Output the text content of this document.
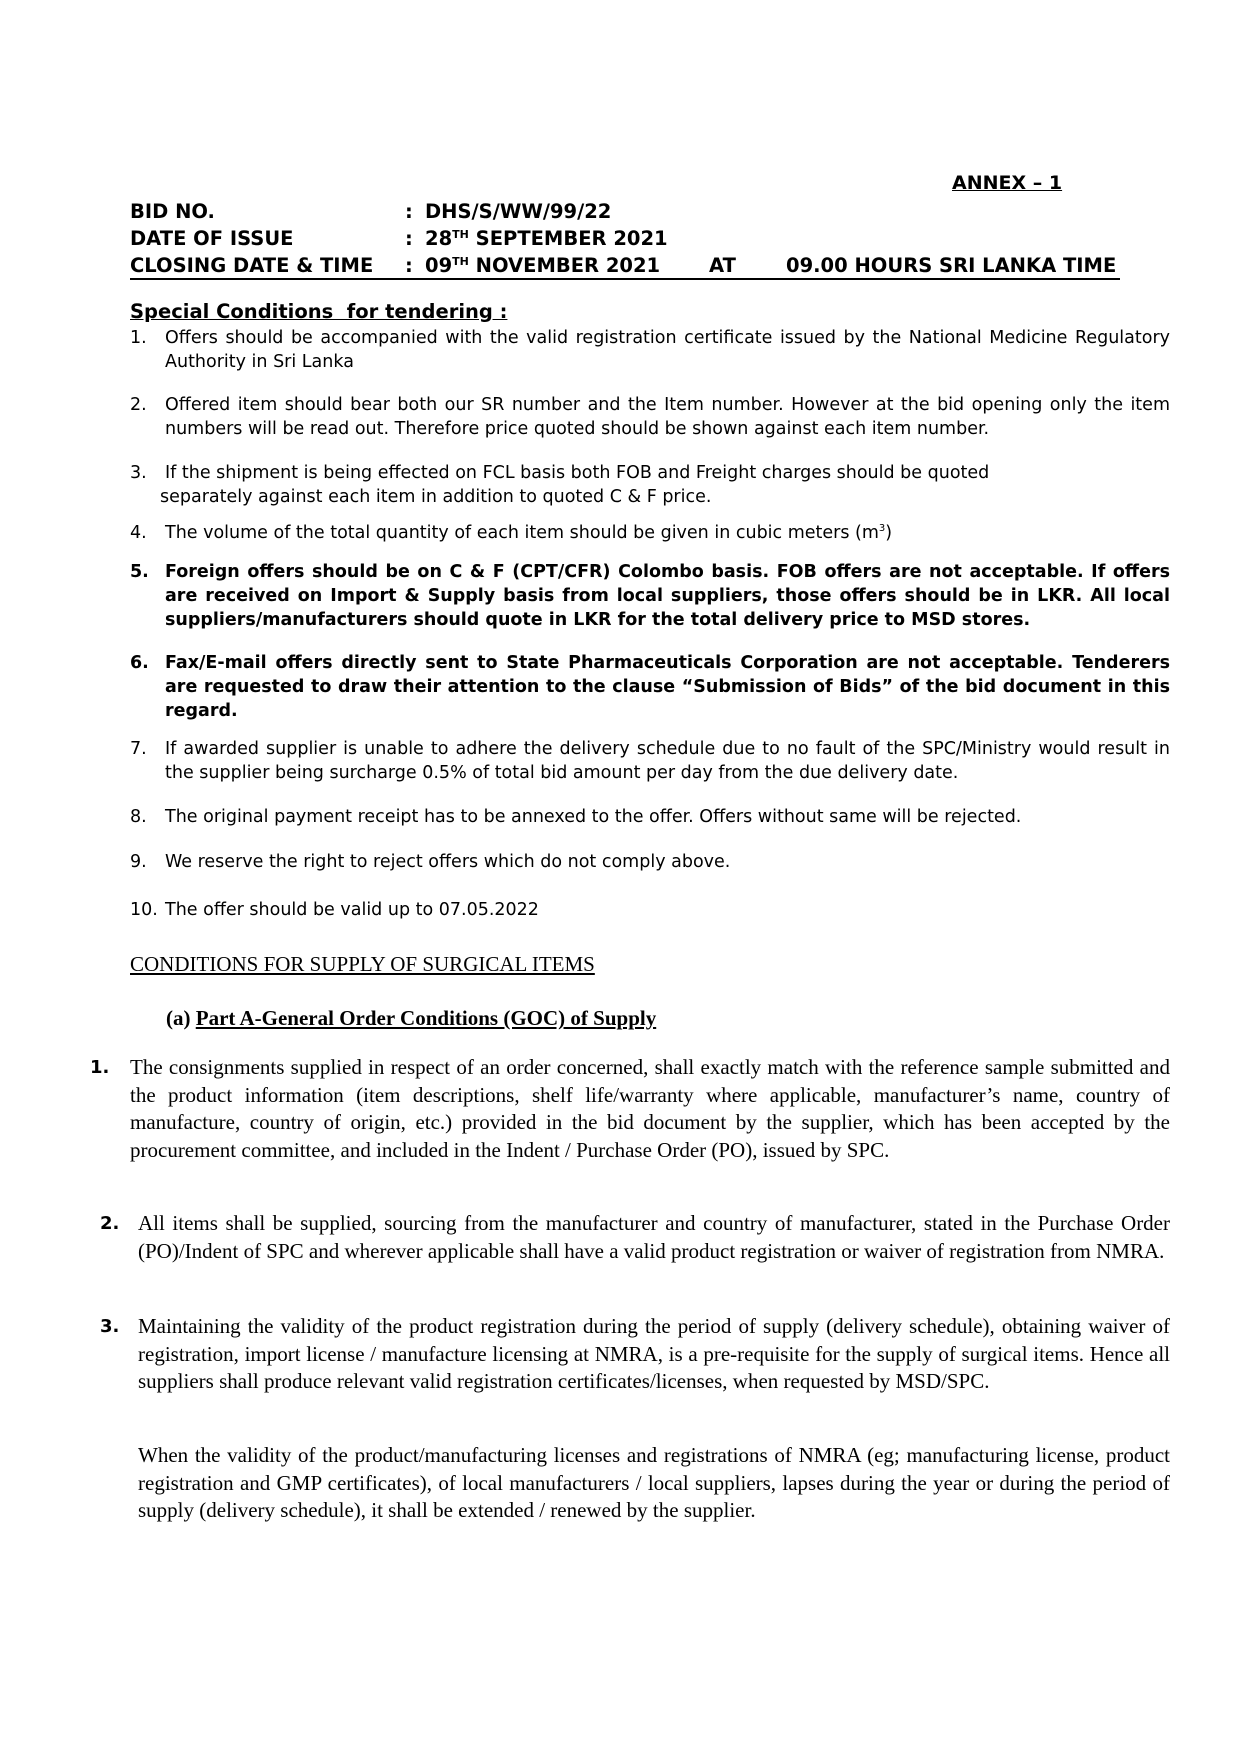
ANNEX – 1
BID NO.	: DHS/S/WW/99/22
DATE OF ISSUE	: 28TH SEPTEMBER 2021
CLOSING DATE & TIME : 09TH NOVEMBER 2021	AT	09.00 HOURS SRI LANKA TIME
Special Conditions  for tendering :
1. Offers should be accompanied with the valid registration certificate issued by the National Medicine Regulatory Authority in Sri Lanka
2. Offered item should bear both our SR number and the Item number. However at the bid opening only the item numbers will be read out. Therefore price quoted should be shown against each item number.
3. If the shipment is being effected on FCL basis both FOB and Freight charges should be quoted
separately against each item in addition to quoted C & F price.
4. The volume of the total quantity of each item should be given in cubic meters $(m^3)$
5. Foreign offers should be on C & F (CPT/CFR) Colombo basis. FOB offers are not acceptable. If offers are received on Import & Supply basis from local suppliers, those offers should be in LKR. All local suppliers/manufacturers should quote in LKR for the total delivery price to MSD stores.
6. Fax/E-mail offers directly sent to State Pharmaceuticals Corporation are not acceptable. Tenderers are requested to draw their attention to the clause “Submission of Bids” of the bid document in this regard.
7. If awarded supplier is unable to adhere the delivery schedule due to no fault of the SPC/Ministry would result in the supplier being surcharge 0.5% of total bid amount per day from the due delivery date.
8. The original payment receipt has to be annexed to the offer. Offers without same will be rejected.
9. We reserve the right to reject offers which do not comply above.
10. The offer should be valid up to 07.05.2022
CONDITIONS FOR SUPPLY OF SURGICAL ITEMS
(a) Part A-General Order Conditions (GOC) of Supply
1. The consignments supplied in respect of an order concerned, shall exactly match with the reference sample submitted and the product information (item descriptions, shelf life/warranty where applicable, manufacturer’s name, country of manufacture, country of origin, etc.) provided in the bid document by the supplier, which has been accepted by the procurement committee, and included in the Indent / Purchase Order (PO), issued by SPC.
2. All items shall be supplied, sourcing from the manufacturer and country of manufacturer, stated in the Purchase Order (PO)/Indent of SPC and wherever applicable shall have a valid product registration or waiver of registration from NMRA.
3. Maintaining the validity of the product registration during the period of supply (delivery schedule), obtaining waiver of registration, import license / manufacture licensing at NMRA, is a pre-requisite for the supply of surgical items. Hence all suppliers shall produce relevant valid registration certificates/licenses, when requested by MSD/SPC.
When the validity of the product/manufacturing licenses and registrations of NMRA (eg; manufacturing license, product registration and GMP certificates), of local manufacturers / local suppliers, lapses during the year or during the period of supply (delivery schedule), it shall be extended / renewed by the supplier.
